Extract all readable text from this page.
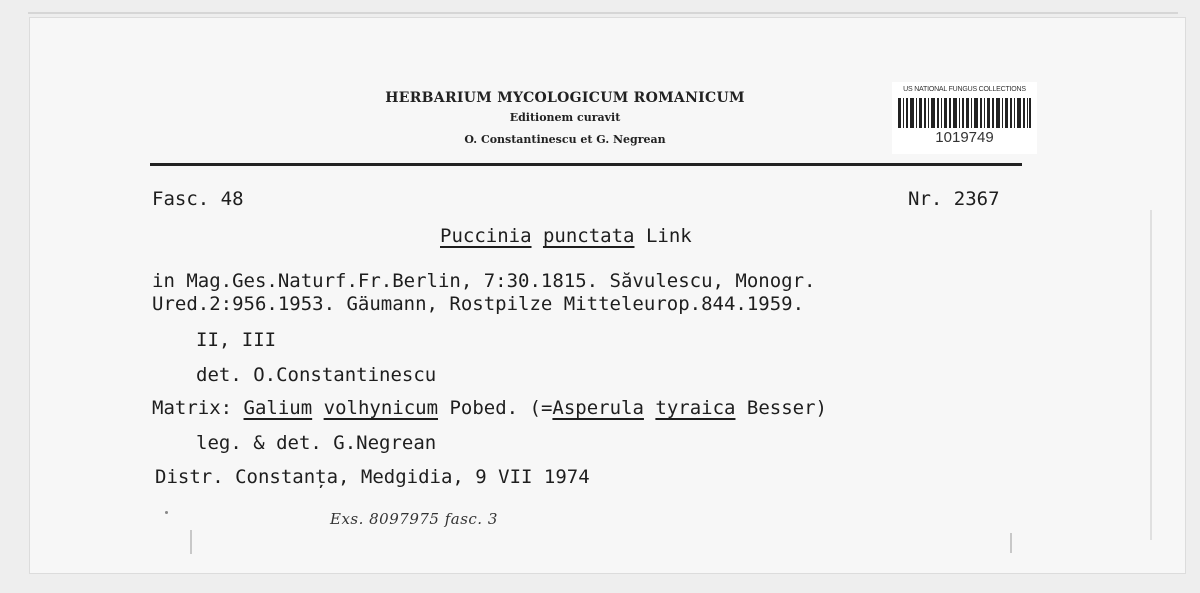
HERBARIUM MYCOLOGICUM ROMANICUM
Editionem curavit
O. Constantinescu et G. Negrean
US NATIONAL FUNGUS COLLECTIONS
1019749
Fasc. 48	Nr. 2367
Puccinia punctata Link
in Mag.Ges.Naturf.Fr.Berlin, 7:30.1815. Săvulescu, Monogr.
Ured.2:956.1953. Gäumann, Rostpilze Mitteleurop.844.1959.
II, III
det. O.Constantinescu
Matrix: Galium volhynicum Pobed. (=Asperula tyraica Besser)
leg. & det. G.Negrean
Distr. Constanța, Medgidia, 9 VII 1974
Exs. 8097975 fasc. 3
